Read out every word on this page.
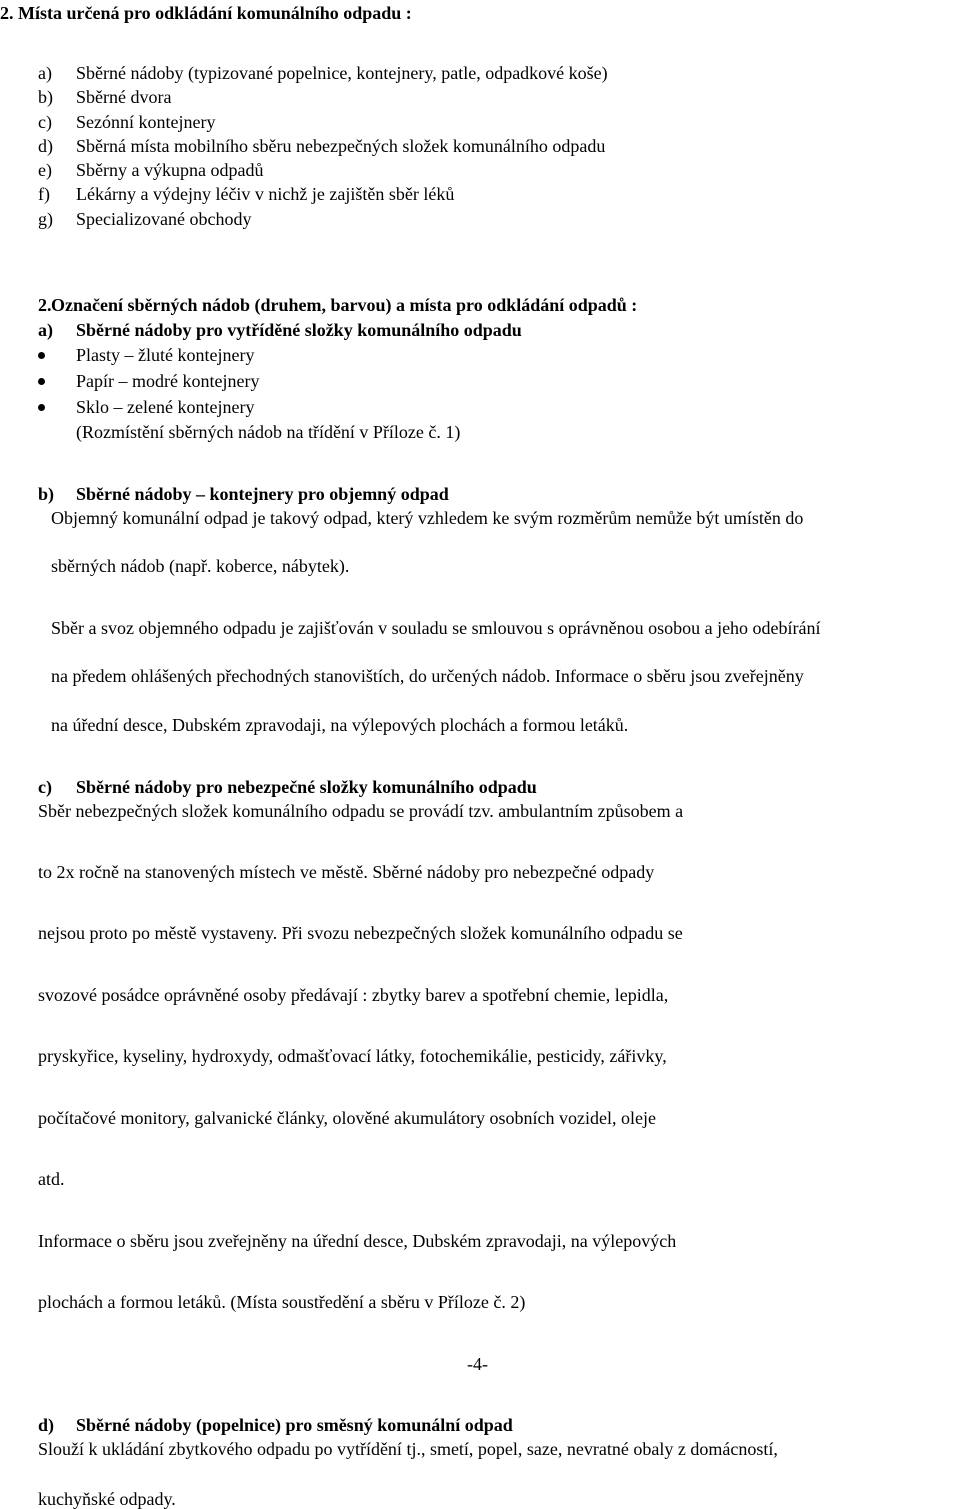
2. Místa určená pro odkládání komunálního odpadu :
a) Sběrné nádoby (typizované popelnice, kontejnery, patle, odpadkové koše)
b) Sběrné dvora
c) Sezónní kontejnery
d) Sběrná místa mobilního sběru nebezpečných složek komunálního odpadu
e) Sběrny a výkupna odpadů
f) Lékárny a výdejny léčiv v nichž je zajištěn sběr léků
g) Specializované obchody
2. Označení sběrných nádob (druhem, barvou) a místa pro odkládání odpadů :
a) Sběrné nádoby pro vytříděné složky komunálního odpadu
Plasty – žluté kontejnery
Papír – modré kontejnery
Sklo – zelené kontejnery
(Rozmístění sběrných nádob na třídění v Příloze č. 1)
b) Sběrné nádoby – kontejnery pro objemný odpad
Objemný komunální odpad je takový odpad, který vzhledem ke svým rozměrům nemůže být umístěn do
sběrných nádob (např. koberce, nábytek).
Sběr a svoz objemného odpadu je zajišťován v souladu se smlouvou s oprávněnou osobou a jeho odebírání
na předem ohlášených přechodných stanovištích, do určených nádob. Informace o sběru jsou zveřejněny
na úřední desce, Dubském zpravodaji, na výlepových plochách a formou letáků.
c) Sběrné nádoby pro nebezpečné složky komunálního odpadu
Sběr nebezpečných složek komunálního odpadu se provádí tzv. ambulantním způsobem a
to 2x ročně na stanovených místech ve městě. Sběrné nádoby pro nebezpečné odpady
nejsou proto po městě vystaveny. Při svozu nebezpečných složek komunálního odpadu se
svozové posádce oprávněné osoby předávají : zbytky barev a spotřební chemie, lepidla,
pryskyřice, kyseliny, hydroxydy, odmašťovací látky, fotochemikálie, pesticidy, zářivky,
počítačové monitory, galvanické články, olověné akumulátory osobních vozidel, oleje
atd.
Informace o sběru jsou zveřejněny na úřední desce, Dubském zpravodaji, na výlepových
plochách a formou letáků. (Místa soustředění a sběru v Příloze č. 2)
-4-
d) Sběrné nádoby (popelnice) pro směsný komunální odpad
Slouží k ukládání zbytkového odpadu po vytřídění tj., smetí, popel, saze, nevratné obaly z domácností,
kuchyňské odpady.
